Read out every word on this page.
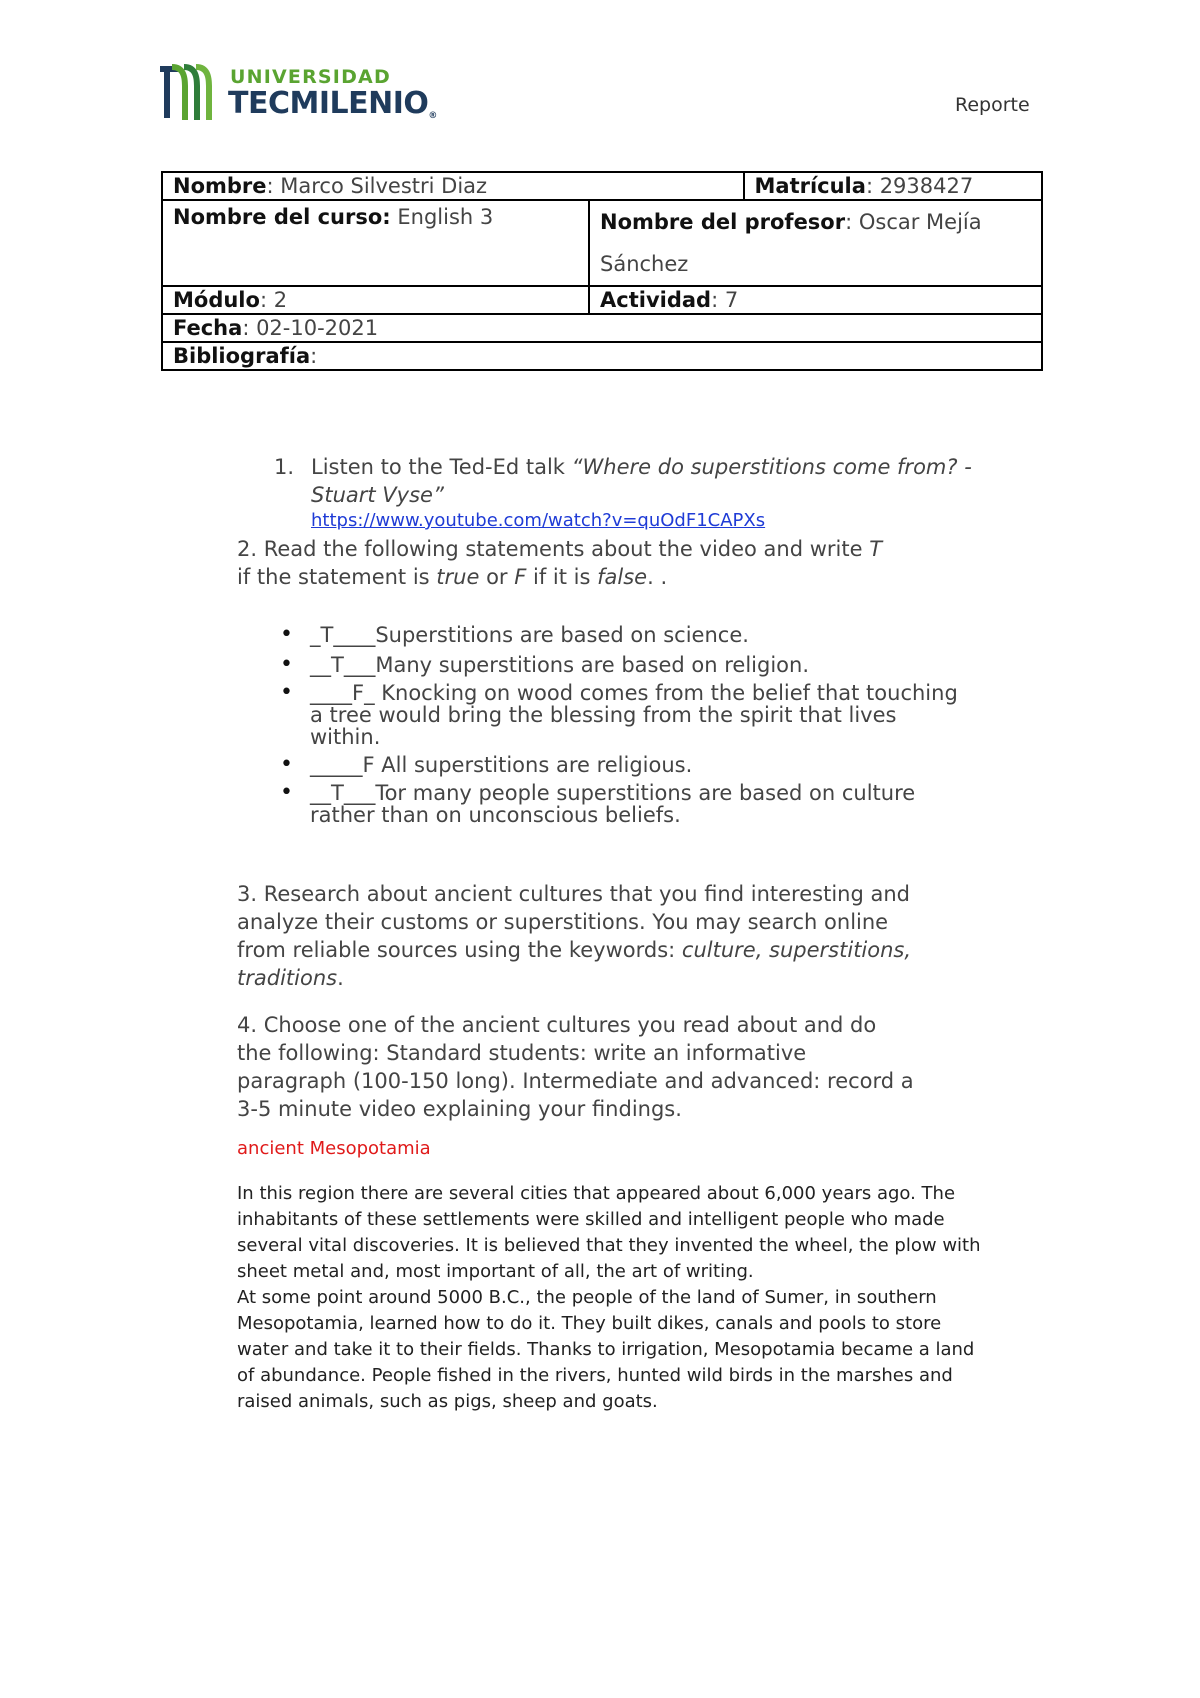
UNIVERSIDAD
TECMILENIO®	Reporte
Nombre: Marco Silvestri Diaz		Matrícula: 2938427
Nombre del curso: English 3	Nombre del profesor: Oscar Mejía Sánchez	
Módulo: 2	Actividad: 7	
Fecha: 02-10-2021		
Bibliografía:		
1. Listen to the Ted-Ed talk “Where do superstitions come from? - Stuart Vyse”
https://www.youtube.com/watch?v=quOdF1CAPXs
2. Read the following statements about the video and write T
if the statement is true or F if it is false. .
• _T____Superstitions are based on science.
• __T___Many superstitions are based on religion.
• ____F_ Knocking on wood comes from the belief that touching a tree would bring the blessing from the spirit that lives within.
• _____F All superstitions are religious.
• __T___Tor many people superstitions are based on culture rather than on unconscious beliefs.
3. Research about ancient cultures that you find interesting and analyze their customs or superstitions. You may search online from reliable sources using the keywords: culture, superstitions, traditions.
4. Choose one of the ancient cultures you read about and do the following: Standard students: write an informative paragraph (100-150 long). Intermediate and advanced: record a 3-5 minute video explaining your findings.
ancient Mesopotamia
In this region there are several cities that appeared about 6,000 years ago. The inhabitants of these settlements were skilled and intelligent people who made several vital discoveries. It is believed that they invented the wheel, the plow with sheet metal and, most important of all, the art of writing.
At some point around 5000 B.C., the people of the land of Sumer, in southern Mesopotamia, learned how to do it. They built dikes, canals and pools to store water and take it to their fields. Thanks to irrigation, Mesopotamia became a land of abundance. People fished in the rivers, hunted wild birds in the marshes and raised animals, such as pigs, sheep and goats.
